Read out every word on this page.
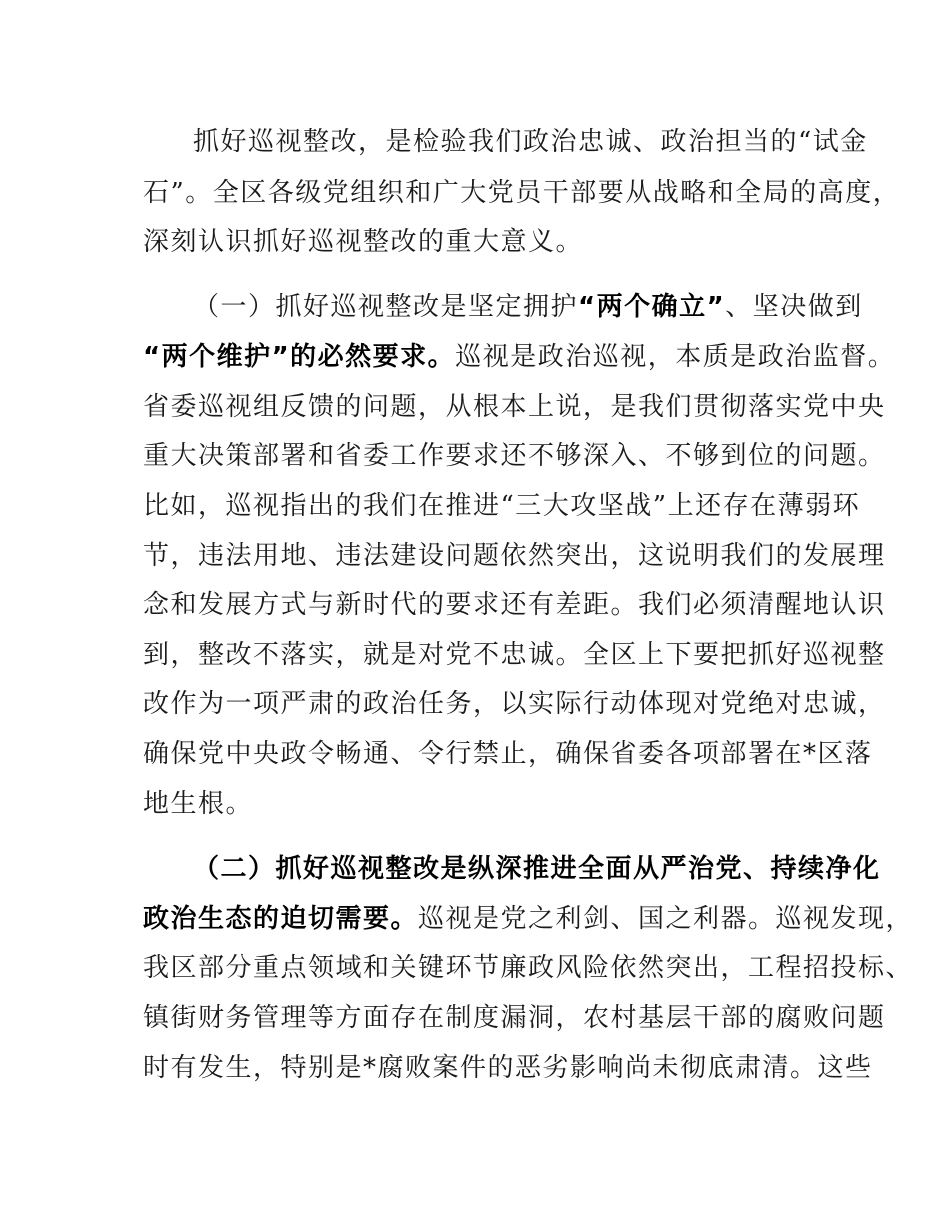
抓好巡视整改，是检验我们政治忠诚、政治担当的“试金
石”。全区各级党组织和广大党员干部要从战略和全局的高度，
深刻认识抓好巡视整改的重大意义。
（一）抓好巡视整改是坚定拥护“两个确立”、坚决做到
“两个维护”的必然要求。巡视是政治巡视，本质是政治监督。
省委巡视组反馈的问题，从根本上说，是我们贯彻落实党中央
重大决策部署和省委工作要求还不够深入、不够到位的问题。
比如，巡视指出的我们在推进“三大攻坚战”上还存在薄弱环
节，违法用地、违法建设问题依然突出，这说明我们的发展理
念和发展方式与新时代的要求还有差距。我们必须清醒地认识
到，整改不落实，就是对党不忠诚。全区上下要把抓好巡视整
改作为一项严肃的政治任务，以实际行动体现对党绝对忠诚，
确保党中央政令畅通、令行禁止，确保省委各项部署在*区落
地生根。
（二）抓好巡视整改是纵深推进全面从严治党、持续净化
政治生态的迫切需要。巡视是党之利剑、国之利器。巡视发现，
我区部分重点领域和关键环节廉政风险依然突出，工程招投标、
镇街财务管理等方面存在制度漏洞，农村基层干部的腐败问题
时有发生，特别是*腐败案件的恶劣影响尚未彻底肃清。这些
